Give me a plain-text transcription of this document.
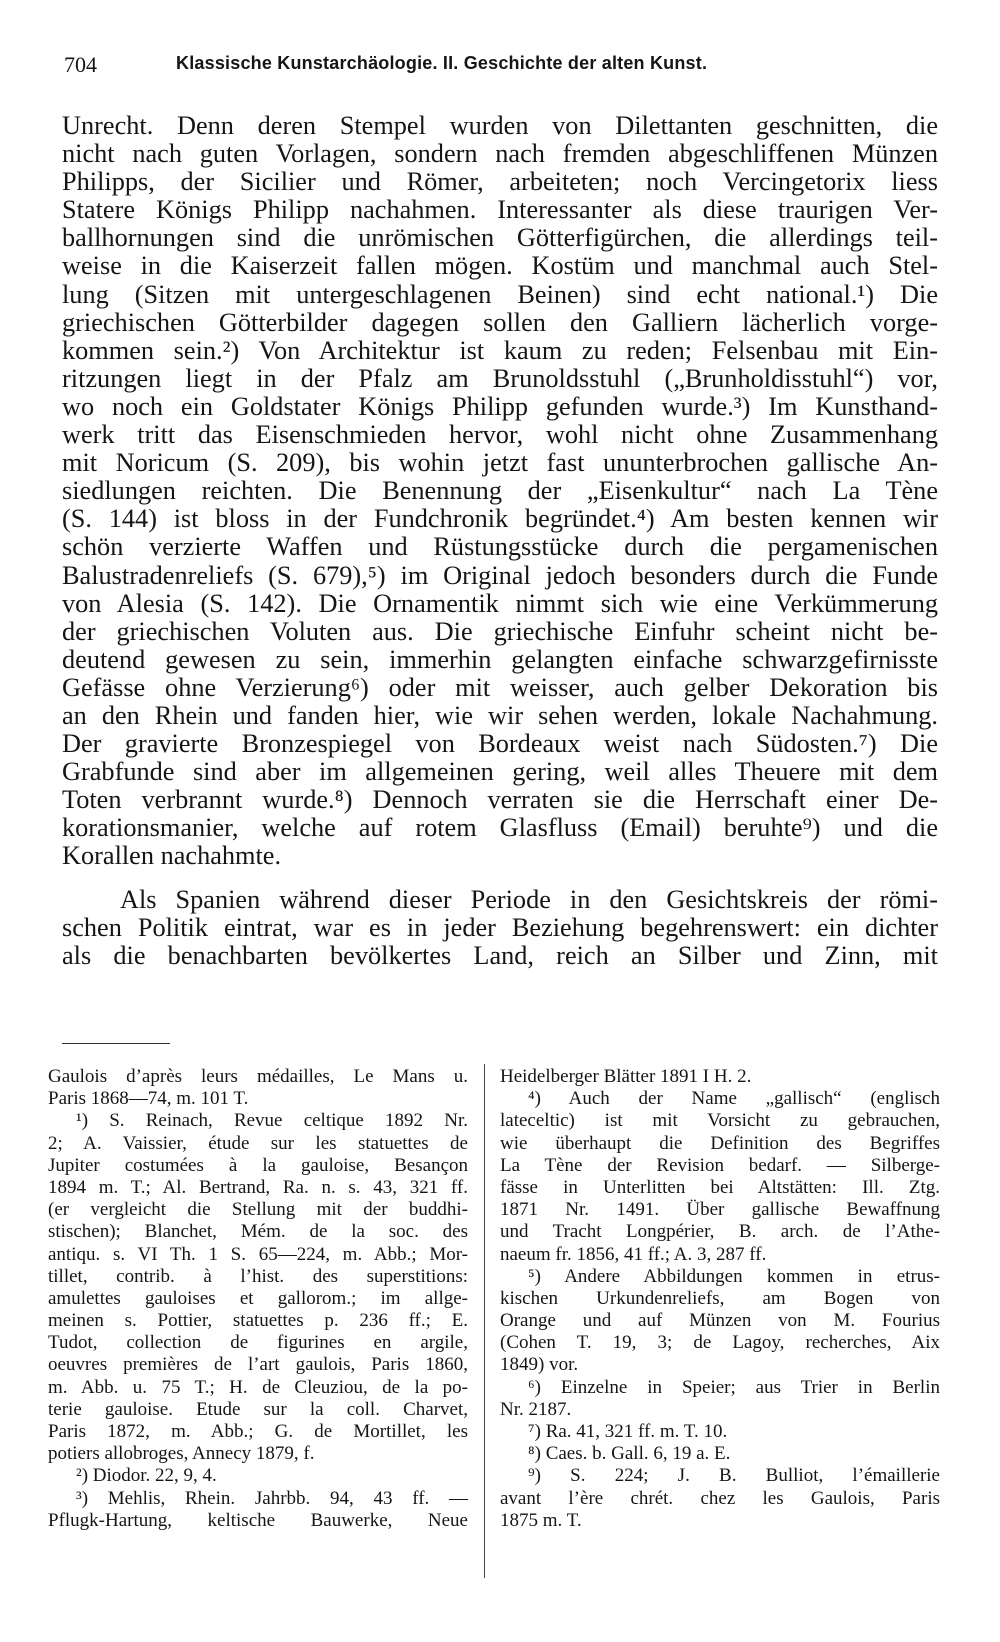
704	Klassische Kunstarchäologie. II. Geschichte der alten Kunst.
Unrecht. Denn deren Stempel wurden von Dilettanten geschnitten, die
nicht nach guten Vorlagen, sondern nach fremden abgeschliffenen Münzen
Philipps, der Sicilier und Römer, arbeiteten; noch Vercingetorix liess
Statere Königs Philipp nachahmen. Interessanter als diese traurigen Ver-
ballhornungen sind die unrömischen Götterfigürchen, die allerdings teil-
weise in die Kaiserzeit fallen mögen. Kostüm und manchmal auch Stel-
lung (Sitzen mit untergeschlagenen Beinen) sind echt national.¹) Die
griechischen Götterbilder dagegen sollen den Galliern lächerlich vorge-
kommen sein.²) Von Architektur ist kaum zu reden; Felsenbau mit Ein-
ritzungen liegt in der Pfalz am Brunoldsstuhl („Brunholdisstuhl“) vor,
wo noch ein Goldstater Königs Philipp gefunden wurde.³) Im Kunsthand-
werk tritt das Eisenschmieden hervor, wohl nicht ohne Zusammenhang
mit Noricum (S. 209), bis wohin jetzt fast ununterbrochen gallische An-
siedlungen reichten. Die Benennung der „Eisenkultur“ nach La Tène
(S. 144) ist bloss in der Fundchronik begründet.⁴) Am besten kennen wir
schön verzierte Waffen und Rüstungsstücke durch die pergamenischen
Balustradenreliefs (S. 679),⁵) im Original jedoch besonders durch die Funde
von Alesia (S. 142). Die Ornamentik nimmt sich wie eine Verkümmerung
der griechischen Voluten aus. Die griechische Einfuhr scheint nicht be-
deutend gewesen zu sein, immerhin gelangten einfache schwarzgefirnisste
Gefässe ohne Verzierung⁶) oder mit weisser, auch gelber Dekoration bis
an den Rhein und fanden hier, wie wir sehen werden, lokale Nachahmung.
Der gravierte Bronzespiegel von Bordeaux weist nach Südosten.⁷) Die
Grabfunde sind aber im allgemeinen gering, weil alles Theuere mit dem
Toten verbrannt wurde.⁸) Dennoch verraten sie die Herrschaft einer De-
korationsmanier, welche auf rotem Glasfluss (Email) beruhte⁹) und die
Korallen nachahmte.
Als Spanien während dieser Periode in den Gesichtskreis der römi-
schen Politik eintrat, war es in jeder Beziehung begehrenswert: ein dichter
als die benachbarten bevölkertes Land, reich an Silber und Zinn, mit
Gaulois d’après leurs médailles, Le Mans u.
Paris 1868—74, m. 101 T.
¹) S. Reinach, Revue celtique 1892 Nr.
2; A. Vaissier, étude sur les statuettes de
Jupiter costumées à la gauloise, Besançon
1894 m. T.; Al. Bertrand, Ra. n. s. 43, 321 ff.
(er vergleicht die Stellung mit der buddhi-
stischen); Blanchet, Mém. de la soc. des
antiqu. s. VI Th. 1 S. 65—224, m. Abb.; Mor-
tillet, contrib. à l’hist. des superstitions:
amulettes gauloises et gallorom.; im allge-
meinen s. Pottier, statuettes p. 236 ff.; E.
Tudot, collection de figurines en argile,
oeuvres premières de l’art gaulois, Paris 1860,
m. Abb. u. 75 T.; H. de Cleuziou, de la po-
terie gauloise. Etude sur la coll. Charvet,
Paris 1872, m. Abb.; G. de Mortillet, les
potiers allobroges, Annecy 1879, f.
²) Diodor. 22, 9, 4.
³) Mehlis, Rhein. Jahrbb. 94, 43 ff. —
Pflugk-Hartung, keltische Bauwerke, Neue
Heidelberger Blätter 1891 I H. 2.
⁴) Auch der Name „gallisch“ (englisch
lateceltic) ist mit Vorsicht zu gebrauchen,
wie überhaupt die Definition des Begriffes
La Tène der Revision bedarf. — Silberge-
fässe in Unterlitten bei Altstätten: Ill. Ztg.
1871 Nr. 1491. Über gallische Bewaffnung
und Tracht Longpérier, B. arch. de l’Athe-
naeum fr. 1856, 41 ff.; A. 3, 287 ff.
⁵) Andere Abbildungen kommen in etrus-
kischen Urkundenreliefs, am Bogen von
Orange und auf Münzen von M. Fourius
(Cohen T. 19, 3; de Lagoy, recherches, Aix
1849) vor.
⁶) Einzelne in Speier; aus Trier in Berlin
Nr. 2187.
⁷) Ra. 41, 321 ff. m. T. 10.
⁸) Caes. b. Gall. 6, 19 a. E.
⁹) S. 224; J. B. Bulliot, l’émaillerie
avant l’ère chrét. chez les Gaulois, Paris
1875 m. T.
